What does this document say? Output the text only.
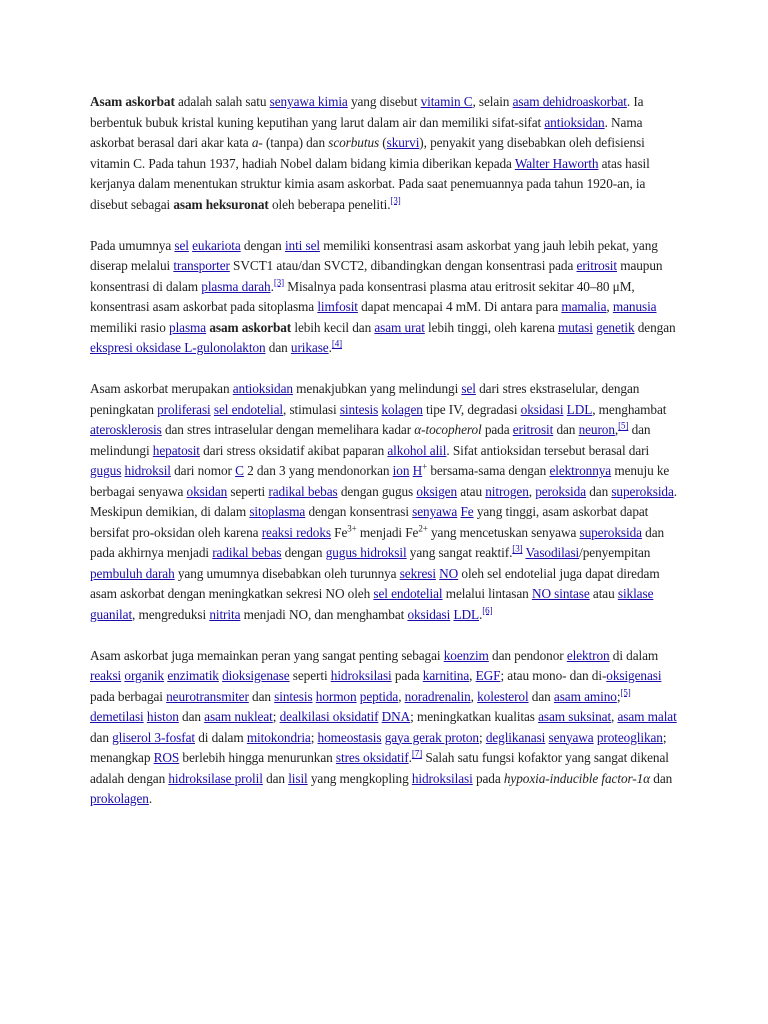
Asam askorbat adalah salah satu senyawa kimia yang disebut vitamin C, selain asam dehidroaskorbat. Ia berbentuk bubuk kristal kuning keputihan yang larut dalam air dan memiliki sifat-sifat antioksidan. Nama askorbat berasal dari akar kata a- (tanpa) dan scorbutus (skurvi), penyakit yang disebabkan oleh defisiensi vitamin C. Pada tahun 1937, hadiah Nobel dalam bidang kimia diberikan kepada Walter Haworth atas hasil kerjanya dalam menentukan struktur kimia asam askorbat. Pada saat penemuannya pada tahun 1920-an, ia disebut sebagai asam heksuronat oleh beberapa peneliti.[3]

Pada umumnya sel eukariota dengan inti sel memiliki konsentrasi asam askorbat yang jauh lebih pekat, yang diserap melalui transporter SVCT1 atau/dan SVCT2, dibandingkan dengan konsentrasi pada eritrosit maupun konsentrasi di dalam plasma darah.[3] Misalnya pada konsentrasi plasma atau eritrosit sekitar 40–80 μM, konsentrasi asam askorbat pada sitoplasma limfosit dapat mencapai 4 mM. Di antara para mamalia, manusia memiliki rasio plasma asam askorbat lebih kecil dan asam urat lebih tinggi, oleh karena mutasi genetik dengan ekspresi oksidase L-gulonolakton dan urikase.[4]

Asam askorbat merupakan antioksidan menakjubkan yang melindungi sel dari stres ekstraselular, dengan peningkatan proliferasi sel endotelial, stimulasi sintesis kolagen tipe IV, degradasi oksidasi LDL, menghambat aterosklerosis dan stres intraselular dengan memelihara kadar α-tocopherol pada eritrosit dan neuron,[5] dan melindungi hepatosit dari stress oksidatif akibat paparan alkohol alil. Sifat antioksidan tersebut berasal dari gugus hidroksil dari nomor C 2 dan 3 yang mendonorkan ion H+ bersama-sama dengan elektronnya menuju ke berbagai senyawa oksidan seperti radikal bebas dengan gugus oksigen atau nitrogen, peroksida dan superoksida. Meskipun demikian, di dalam sitoplasma dengan konsentrasi senyawa Fe yang tinggi, asam askorbat dapat bersifat pro-oksidan oleh karena reaksi redoks $Fe^{3+}$ menjadi $Fe^{2+}$ yang mencetuskan senyawa superoksida dan pada akhirnya menjadi radikal bebas dengan gugus hidroksil yang sangat reaktif.[3] Vasodilasi/penyempitan pembuluh darah yang umumnya disebabkan oleh turunnya sekresi NO oleh sel endotelial juga dapat diredam asam askorbat dengan meningkatkan sekresi NO oleh sel endotelial melalui lintasan NO sintase atau siklase guanilat, mengreduksi nitrita menjadi NO, dan menghambat oksidasi LDL.[6]

Asam askorbat juga memainkan peran yang sangat penting sebagai koenzim dan pendonor elektron di dalam reaksi organik enzimatik dioksigenase seperti hidroksilasi pada karnitina, EGF; atau mono- dan di-oksigenasi pada berbagai neurotransmiter dan sintesis hormon peptida, noradrenalin, kolesterol dan asam amino;[5] demetilasi histon dan asam nukleat; dealkilasi oksidatif DNA; meningkatkan kualitas asam suksinat, asam malat dan gliserol 3-fosfat di dalam mitokondria; homeostasis gaya gerak proton; deglikanasi senyawa proteoglikan; menangkap ROS berlebih hingga menurunkan stres oksidatif.[7] Salah satu fungsi kofaktor yang sangat dikenal adalah dengan hidroksilase prolil dan lisil yang mengkopling hidroksilasi pada hypoxia-inducible factor-1α dan prokolagen.
